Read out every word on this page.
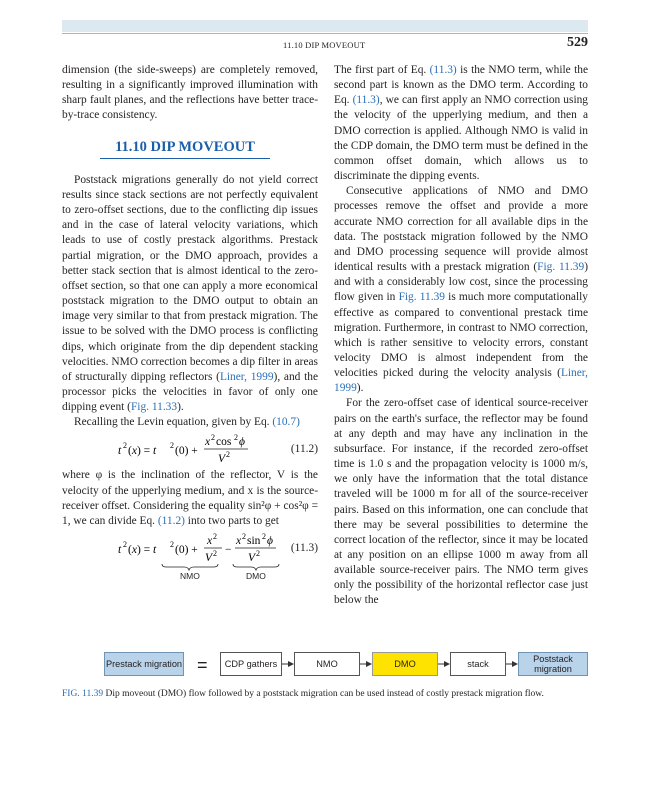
11.10 DIP MOVEOUT	529

dimension (the side-sweeps) are completely removed, resulting in a significantly improved illumination with sharp fault planes, and the reflections have better trace-by-trace consistency.

11.10 DIP MOVEOUT

Poststack migrations generally do not yield correct results since stack sections are not perfectly equivalent to zero-offset sections, due to the conflicting dip issues and in the case of lateral velocity variations, which leads to use of costly prestack algorithms. Prestack partial migration, or the DMO approach, provides a better stack section that is almost identical to the zero-offset section, so that one can apply a more economical poststack migration to the DMO output to obtain an image very similar to that from prestack migration. The issue to be solved with the DMO process is conflicting dips, which originate from the dip dependent stacking velocities. NMO correction becomes a dip filter in areas of structurally dipping reflectors (Liner, 1999), and the processor picks the velocities in favor of only one dipping event (Fig. 11.33).

Recalling the Levin equation, given by Eq. (10.7)

t 2 (x) = t 2 (0) +
x 2 cos 2 ϕ
V 2	(11.2)

where φ is the inclination of the reflector, V is the velocity of the upperlying medium, and x is the source-receiver offset. Considering the equality sin²φ + cos²φ = 1, we can divide Eq. (11.2) into two parts to get

t 2 (x) = t 2 (0) +
x 2
V 2 −
x 2 sin 2 ϕ
V 2
NMO	DMO
(11.3)

The first part of Eq. (11.3) is the NMO term, while the second part is known as the DMO term. According to Eq. (11.3), we can first apply an NMO correction using the velocity of the upperlying medium, and then a DMO correction is applied. Although NMO is valid in the CDP domain, the DMO term must be defined in the common offset domain, which allows us to discriminate the dipping events.

Consecutive applications of NMO and DMO processes remove the offset and provide a more accurate NMO correction for all available dips in the data. The poststack migration followed by the NMO and DMO processing sequence will provide almost identical results with a prestack migration (Fig. 11.39) and with a considerably low cost, since the processing flow given in Fig. 11.39 is much more computationally effective as compared to conventional prestack time migration. Furthermore, in contrast to NMO correction, which is rather sensitive to velocity errors, constant velocity DMO is almost independent from the velocities picked during the velocity analysis (Liner, 1999).

For the zero-offset case of identical source-receiver pairs on the earth's surface, the reflector may be found at any depth and may have any inclination in the subsurface. For instance, if the recorded zero-offset time is 1.0 s and the propagation velocity is 1000 m/s, we only have the information that the total distance traveled will be 1000 m for all of the source-receiver pairs. Based on this information, one can conclude that there may be several possibilities to determine the correct location of the reflector, since it may be located at any position on an ellipse 1000 m away from all available source-receiver pairs. The NMO term gives only the possibility of the horizontal reflector case just below the

Prestack migration =	CDP gathers	NMO	DMO	stack	Poststack migration
FIG. 11.39 Dip moveout (DMO) flow followed by a poststack migration can be used instead of costly prestack migration flow.
